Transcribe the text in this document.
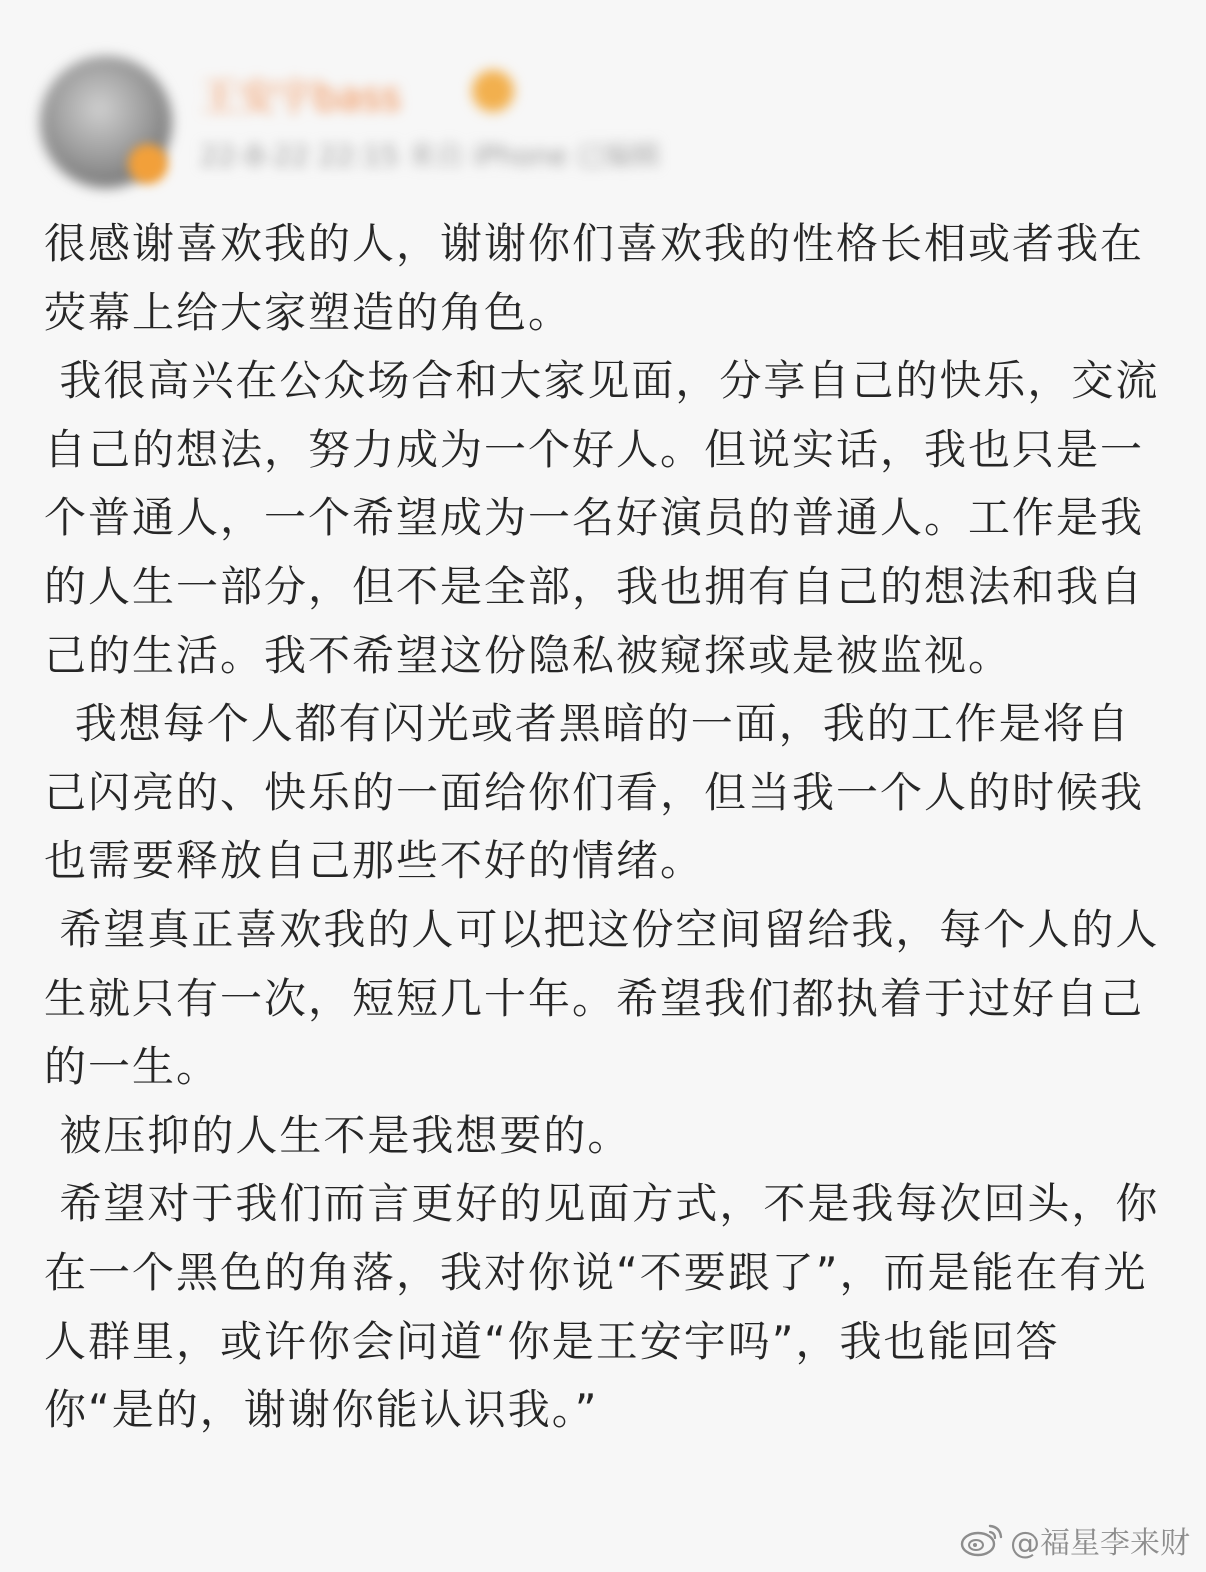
王安宇bass
22-8-22 22:15 来自 iPhone 已编辑

很感谢喜欢我的人，谢谢你们喜欢我的性格长相或者我在荧幕上给大家塑造的角色。

我很高兴在公众场合和大家见面，分享自己的快乐，交流自己的想法，努力成为一个好人。但说实话，我也只是一个普通人，一个希望成为一名好演员的普通人。工作是我的人生一部分，但不是全部，我也拥有自己的想法和我自己的生活。我不希望这份隐私被窥探或是被监视。

我想每个人都有闪光或者黑暗的一面，我的工作是将自己闪亮的、快乐的一面给你们看，但当我一个人的时候我也需要释放自己那些不好的情绪。

希望真正喜欢我的人可以把这份空间留给我，每个人的人生就只有一次，短短几十年。希望我们都执着于过好自己的一生。

被压抑的人生不是我想要的。

希望对于我们而言更好的见面方式，不是我每次回头，你在一个黑色的角落，我对你说“不要跟了”，而是能在有光人群里，或许你会问道“你是王安宇吗”，我也能回答你“是的，谢谢你能认识我。”

@福星李来财
